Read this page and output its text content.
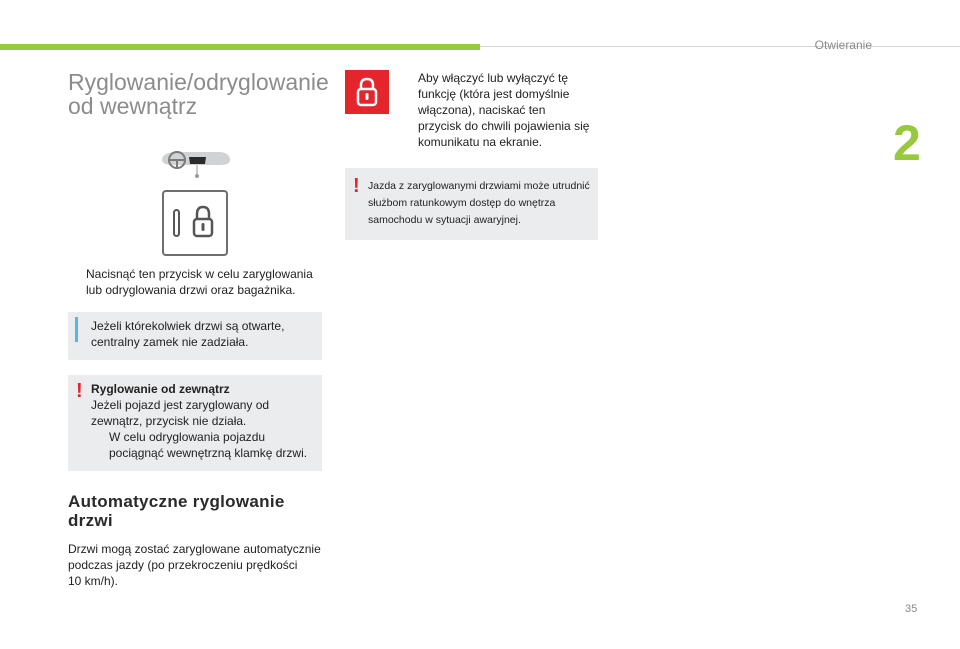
Otwieranie
2
35
Ryglowanie/odryglowanie
od wewnątrz
Nacisnąć ten przycisk w celu zaryglowania
lub odryglowania drzwi oraz bagażnika.
Jeżeli którekolwiek drzwi są otwarte,
centralny zamek nie zadziała.
! Ryglowanie od zewnątrz
Jeżeli pojazd jest zaryglowany od
zewnątrz, przycisk nie działa.

W celu odryglowania pojazdu
pociągnąć wewnętrzną klamkę drzwi.
Automatyczne ryglowanie
drzwi

Drzwi mogą zostać zaryglowane automatycznie
podczas jazdy (po przekroczeniu prędkości
10 km/h).

Aby włączyć lub wyłączyć tę
funkcję (która jest domyślnie
włączona), naciskać ten
przycisk do chwili pojawienia się
komunikatu na ekranie.
! Jazda z zaryglowanymi drzwiami może utrudnić
służbom ratunkowym dostęp do wnętrza
samochodu w sytuacji awaryjnej.
